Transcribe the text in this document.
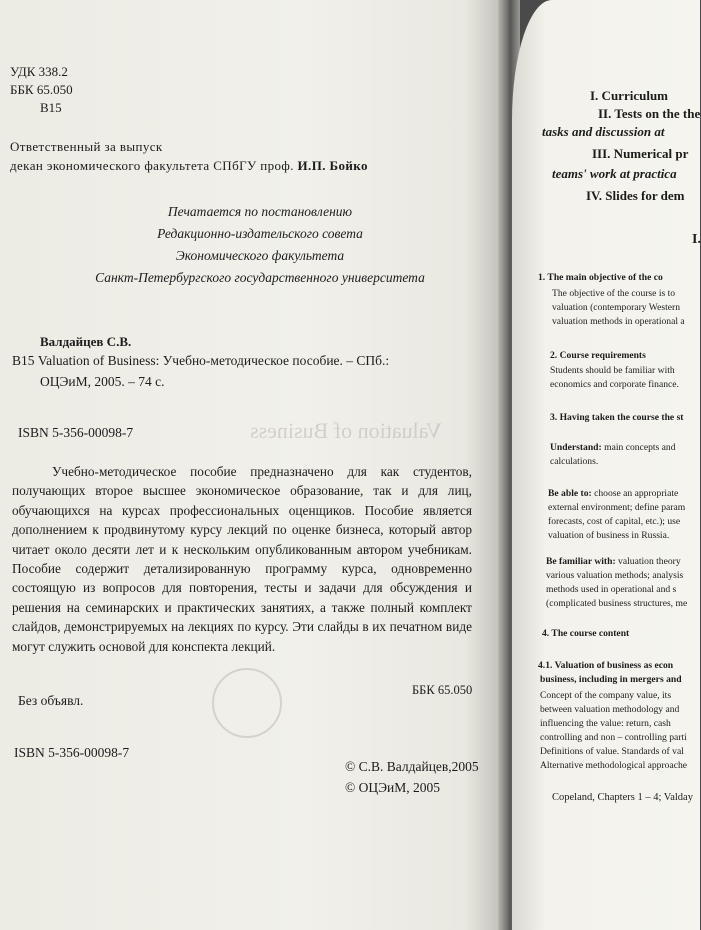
Valuation of Business
УДК 338.2
ББК 65.050
В15
Ответственный за выпуск
декан экономического факультета СПбГУ проф. И.П. Бойко
Печатается по постановлению
Редакционно-издательского совета
Экономического факультета
Санкт-Петербургского государственного университета
Валдайцев С.В.
В15 Valuation of Business: Учебно-методическое пособие. – СПб.:
ОЦЭиМ, 2005. – 74 с.
ISBN 5-356-00098-7
Учебно-методическое пособие предназначено для как студентов, получающих второе высшее экономическое образование, так и для лиц, обучающихся на курсах профессиональных оценщиков. Пособие является дополнением к продвинутому курсу лекций по оценке бизнеса, который автор читает около десяти лет и к нескольким опубликованным автором учебникам. Пособие содержит детализированную программу курса, одновременно состоящую из вопросов для повторения, тесты и задачи для обсуждения и решения на семинарских и практических занятиях, а также полный комплект слайдов, демонстрируемых на лекциях по курсу. Эти слайды в их печатном виде могут служить основой для конспекта лекций.
Без объявл.
ББК 65.050
ISBN 5-356-00098-7
© С.В. Валдайцев,2005
© ОЦЭиМ, 2005
I. Curriculum
II. Tests on the the
tasks and discussion at
III. Numerical pr
teams' work at practica
IV. Slides for dem
I.
1. The main objective of the co
The objective of the course is to
valuation (contemporary Western
valuation methods in operational a
2. Course requirements
Students should be familiar with
economics and corporate finance.
3. Having taken the course the st
Understand: main concepts and
calculations.
Be able to: choose an appropriate
external environment; define param
forecasts, cost of capital, etc.); use
valuation of business in Russia.
Be familiar with: valuation theory
various valuation methods; analysis
methods used in operational and s
(complicated business structures, me
4. The course content
4.1. Valuation of business as econ
business, including in mergers and
Concept of the company value, its
between valuation methodology and
influencing the value: return, cash
controlling and non – controlling parti
Definitions of value. Standards of val
Alternative methodological approache
Copeland, Chapters 1 – 4; Valday
